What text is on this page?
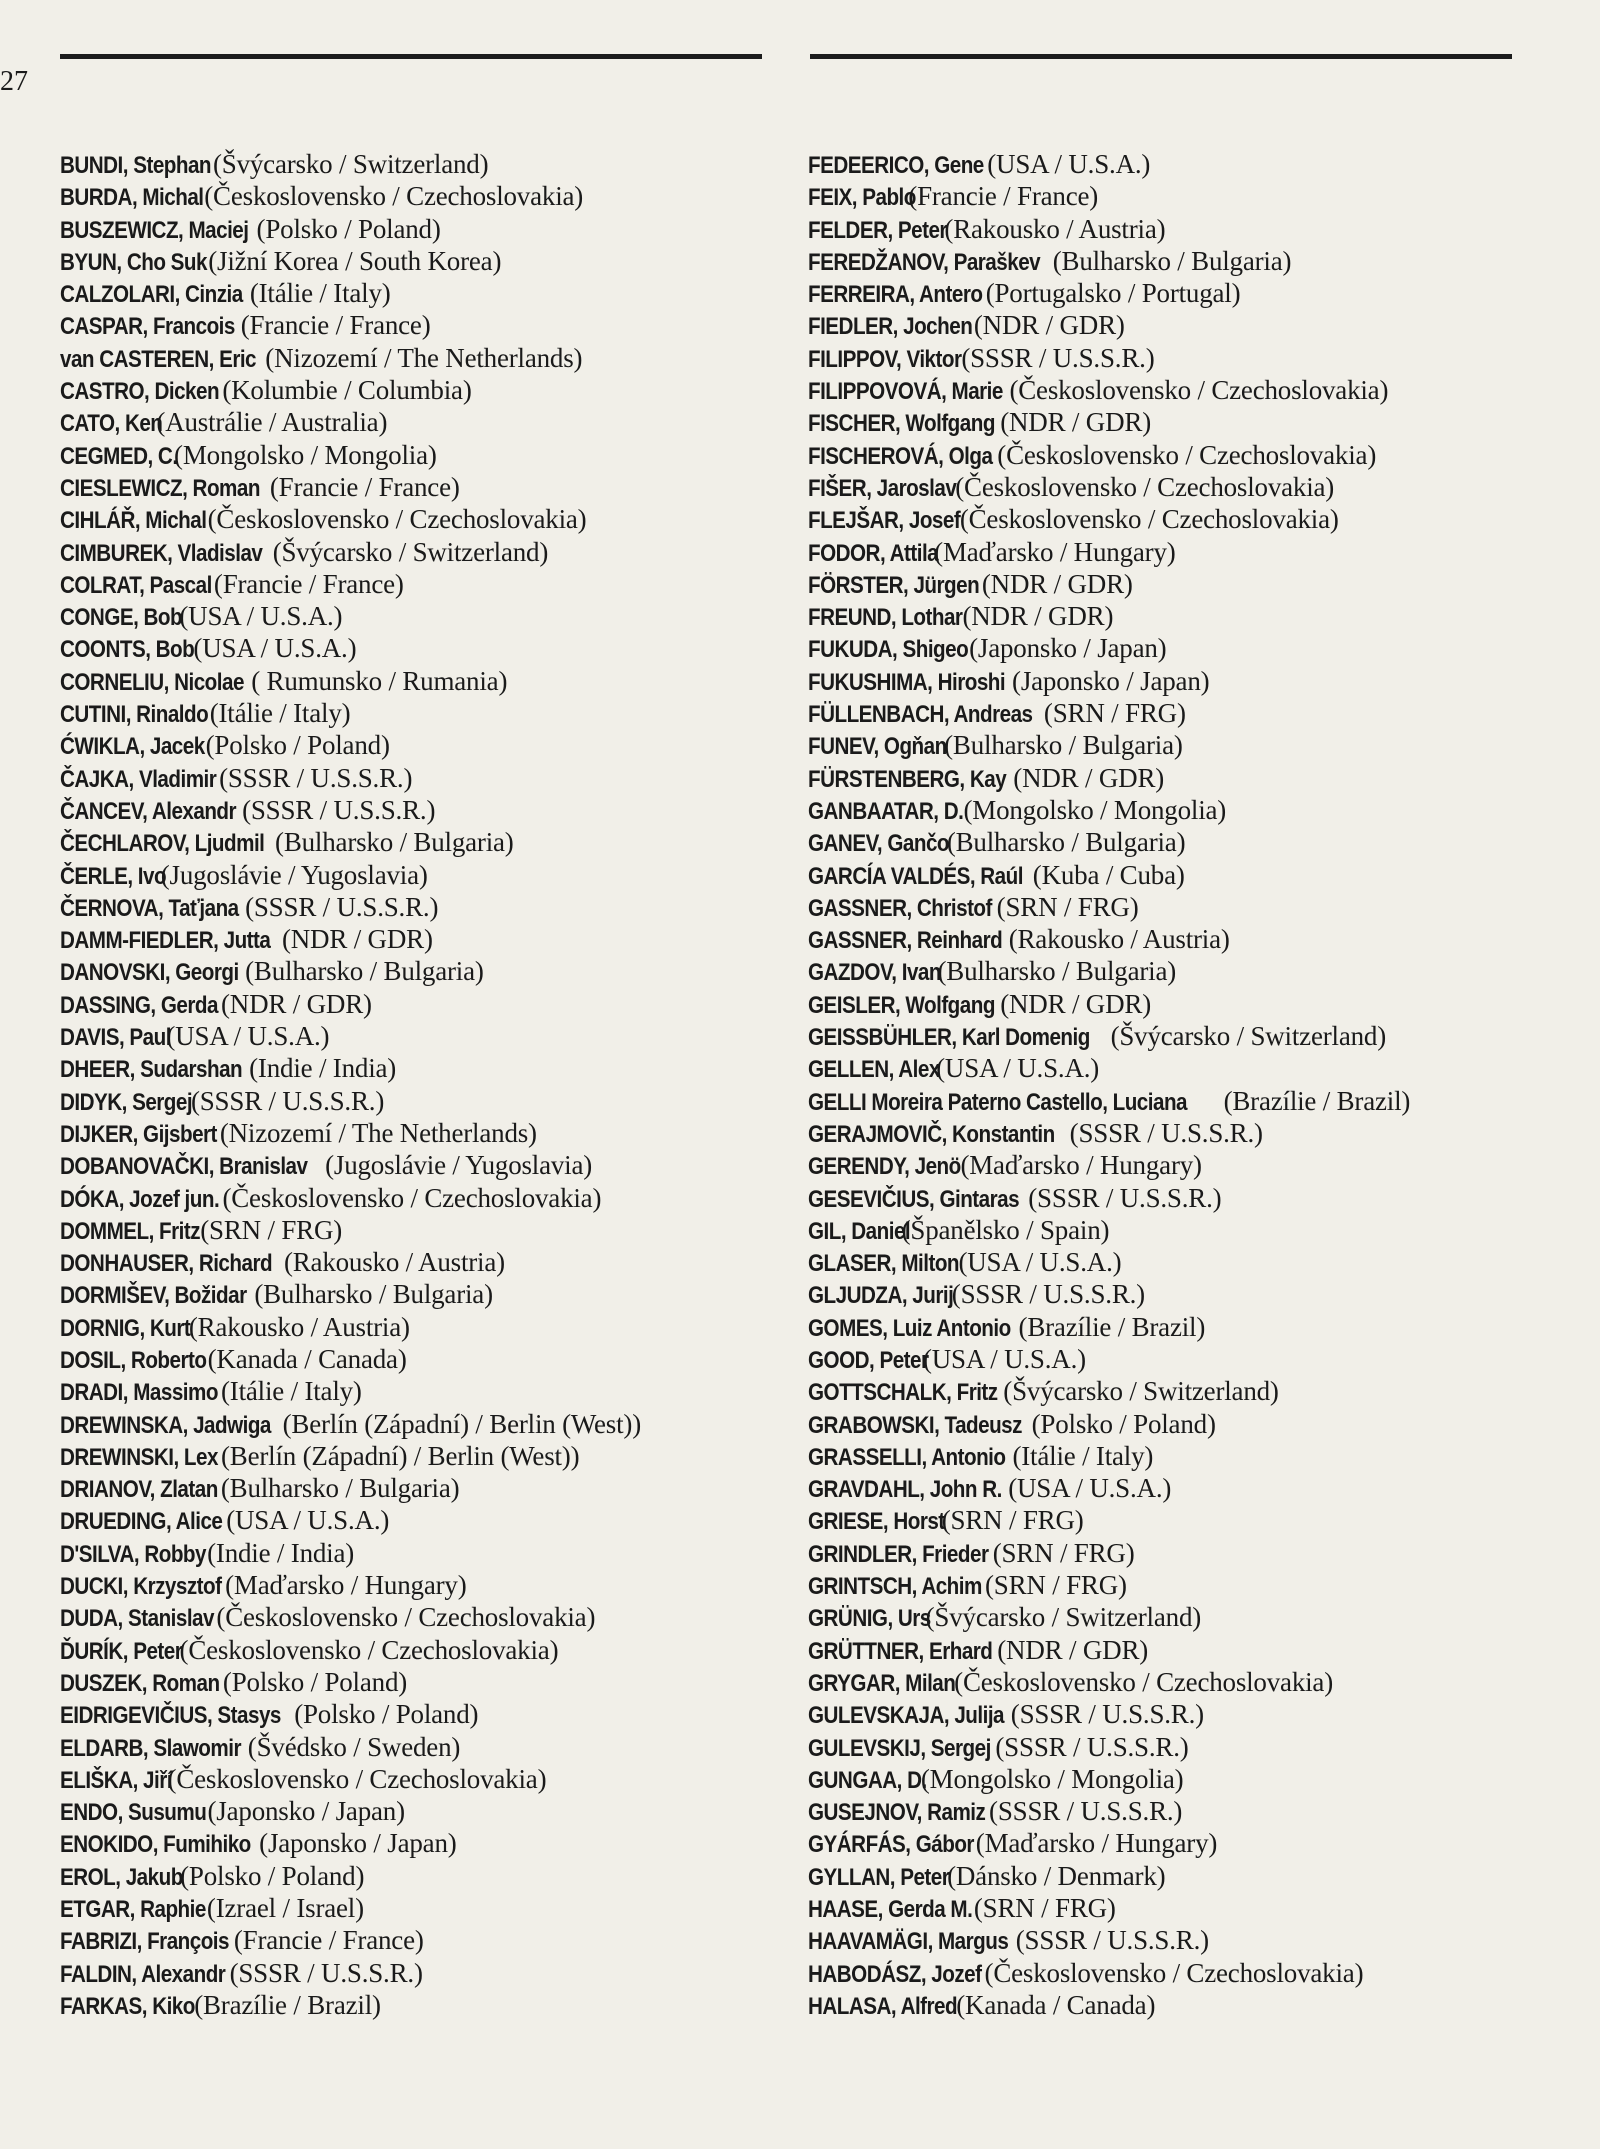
27
BUNDI, Stephan (Švýcarsko / Switzerland)
BURDA, Michal (Československo / Czechoslovakia)
BUSZEWICZ, Maciej (Polsko / Poland)
BYUN, Cho Suk (Jižní Korea / South Korea)
CALZOLARI, Cinzia (Itálie / Italy)
CASPAR, Francois (Francie / France)
van CASTEREN, Eric (Nizozemí / The Netherlands)
CASTRO, Dicken (Kolumbie / Columbia)
CATO, Ken (Austrálie / Australia)
CEGMED, C. (Mongolsko / Mongolia)
CIESLEWICZ, Roman (Francie / France)
CIHLÁŘ, Michal (Československo / Czechoslovakia)
CIMBUREK, Vladislav (Švýcarsko / Switzerland)
COLRAT, Pascal (Francie / France)
CONGE, Bob (USA / U.S.A.)
COONTS, Bob (USA / U.S.A.)
CORNELIU, Nicolae ( Rumunsko / Rumania)
CUTINI, Rinaldo (Itálie / Italy)
ĆWIKLA, Jacek (Polsko / Poland)
ČAJKA, Vladimir (SSSR / U.S.S.R.)
ČANCEV, Alexandr (SSSR / U.S.S.R.)
ČECHLAROV, Ljudmil (Bulharsko / Bulgaria)
ČERLE, Ivo (Jugoslávie / Yugoslavia)
ČERNOVA, Taťjana (SSSR / U.S.S.R.)
DAMM-FIEDLER, Jutta (NDR / GDR)
DANOVSKI, Georgi (Bulharsko / Bulgaria)
DASSING, Gerda (NDR / GDR)
DAVIS, Paul (USA / U.S.A.)
DHEER, Sudarshan (Indie / India)
DIDYK, Sergej (SSSR / U.S.S.R.)
DIJKER, Gijsbert (Nizozemí / The Netherlands)
DOBANOVAČKI, Branislav (Jugoslávie / Yugoslavia)
DÓKA, Jozef jun. (Československo / Czechoslovakia)
DOMMEL, Fritz (SRN / FRG)
DONHAUSER, Richard (Rakousko / Austria)
DORMIŠEV, Božidar (Bulharsko / Bulgaria)
DORNIG, Kurt (Rakousko / Austria)
DOSIL, Roberto (Kanada / Canada)
DRADI, Massimo (Itálie / Italy)
DREWINSKA, Jadwiga (Berlín (Západní) / Berlin (West))
DREWINSKI, Lex (Berlín (Západní) / Berlin (West))
DRIANOV, Zlatan (Bulharsko / Bulgaria)
DRUEDING, Alice (USA / U.S.A.)
D'SILVA, Robby (Indie / India)
DUCKI, Krzysztof (Maďarsko / Hungary)
DUDA, Stanislav (Československo / Czechoslovakia)
ĎURÍK, Peter (Československo / Czechoslovakia)
DUSZEK, Roman (Polsko / Poland)
EIDRIGEVIČIUS, Stasys (Polsko / Poland)
ELDARB, Slawomir (Švédsko / Sweden)
ELIŠKA, Jiří (Československo / Czechoslovakia)
ENDO, Susumu (Japonsko / Japan)
ENOKIDO, Fumihiko (Japonsko / Japan)
EROL, Jakub (Polsko / Poland)
ETGAR, Raphie (Izrael / Israel)
FABRIZI, François (Francie / France)
FALDIN, Alexandr (SSSR / U.S.S.R.)
FARKAS, Kiko (Brazílie / Brazil)
FEDEERICO, Gene (USA / U.S.A.)
FEIX, Pablo (Francie / France)
FELDER, Peter (Rakousko / Austria)
FEREDŽANOV, Paraškev (Bulharsko / Bulgaria)
FERREIRA, Antero (Portugalsko / Portugal)
FIEDLER, Jochen (NDR / GDR)
FILIPPOV, Viktor (SSSR / U.S.S.R.)
FILIPPOVOVÁ, Marie (Československo / Czechoslovakia)
FISCHER, Wolfgang (NDR / GDR)
FISCHEROVÁ, Olga (Československo / Czechoslovakia)
FIŠER, Jaroslav (Československo / Czechoslovakia)
FLEJŠAR, Josef (Československo / Czechoslovakia)
FODOR, Attila (Maďarsko / Hungary)
FÖRSTER, Jürgen (NDR / GDR)
FREUND, Lothar (NDR / GDR)
FUKUDA, Shigeo (Japonsko / Japan)
FUKUSHIMA, Hiroshi (Japonsko / Japan)
FÜLLENBACH, Andreas (SRN / FRG)
FUNEV, Ogňan (Bulharsko / Bulgaria)
FÜRSTENBERG, Kay (NDR / GDR)
GANBAATAR, D. (Mongolsko / Mongolia)
GANEV, Gančo (Bulharsko / Bulgaria)
GARCÍA VALDÉS, Raúl (Kuba / Cuba)
GASSNER, Christof (SRN / FRG)
GASSNER, Reinhard (Rakousko / Austria)
GAZDOV, Ivan (Bulharsko / Bulgaria)
GEISLER, Wolfgang (NDR / GDR)
GEISSBÜHLER, Karl Domenig (Švýcarsko / Switzerland)
GELLEN, Alex (USA / U.S.A.)
GELLI Moreira Paterno Castello, Luciana (Brazílie / Brazil)
GERAJMOVIČ, Konstantin (SSSR / U.S.S.R.)
GERENDY, Jenö (Maďarsko / Hungary)
GESEVIČIUS, Gintaras (SSSR / U.S.S.R.)
GIL, Daniel (Španělsko / Spain)
GLASER, Milton (USA / U.S.A.)
GLJUDZA, Jurij (SSSR / U.S.S.R.)
GOMES, Luiz Antonio (Brazílie / Brazil)
GOOD, Peter (USA / U.S.A.)
GOTTSCHALK, Fritz (Švýcarsko / Switzerland)
GRABOWSKI, Tadeusz (Polsko / Poland)
GRASSELLI, Antonio (Itálie / Italy)
GRAVDAHL, John R. (USA / U.S.A.)
GRIESE, Horst (SRN / FRG)
GRINDLER, Frieder (SRN / FRG)
GRINTSCH, Achim (SRN / FRG)
GRÜNIG, Urs (Švýcarsko / Switzerland)
GRÜTTNER, Erhard (NDR / GDR)
GRYGAR, Milan (Československo / Czechoslovakia)
GULEVSKAJA, Julija (SSSR / U.S.S.R.)
GULEVSKIJ, Sergej (SSSR / U.S.S.R.)
GUNGAA, D. (Mongolsko / Mongolia)
GUSEJNOV, Ramiz (SSSR / U.S.S.R.)
GYÁRFÁS, Gábor (Maďarsko / Hungary)
GYLLAN, Peter (Dánsko / Denmark)
HAASE, Gerda M. (SRN / FRG)
HAAVAMÄGI, Margus (SSSR / U.S.S.R.)
HABODÁSZ, Jozef (Československo / Czechoslovakia)
HALASA, Alfred (Kanada / Canada)
